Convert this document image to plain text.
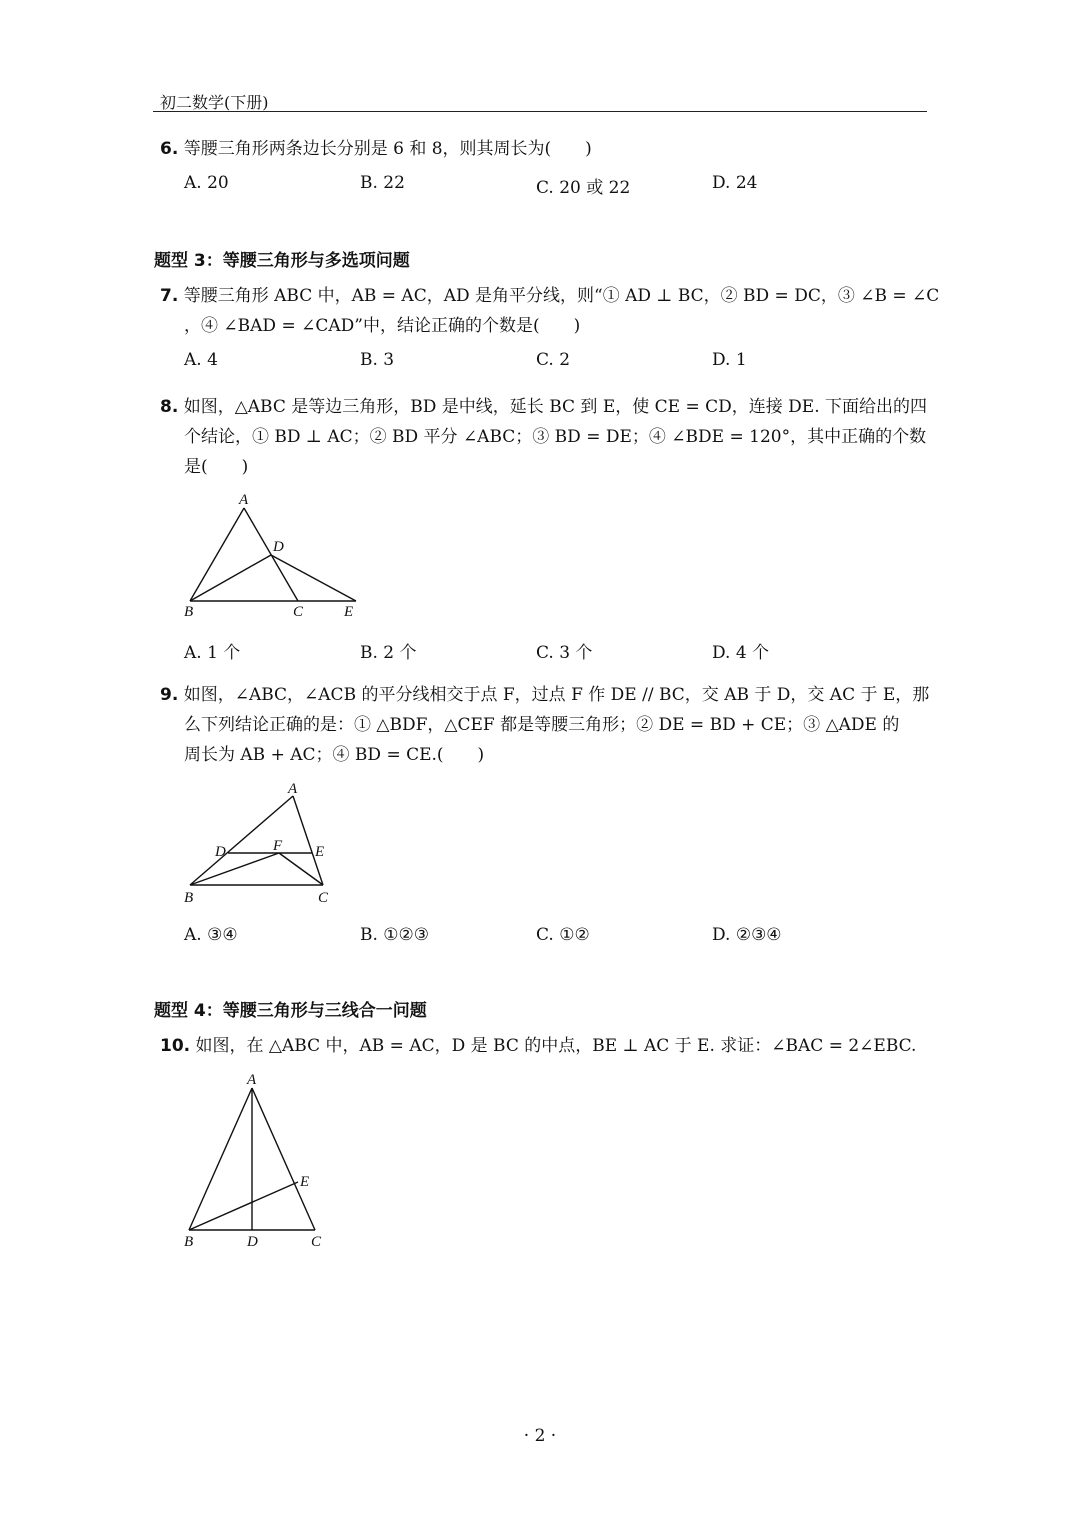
初二数学(下册)
6. 等腰三角形两条边长分别是 6 和 8，则其周长为(　　)
A. 20	B. 22	C. 20 或 22	D. 24
题型 3：等腰三角形与多选项问题
7. 等腰三角形 ABC 中，AB = AC，AD 是角平分线，则“① AD ⊥ BC，② BD = DC，③ ∠B = ∠C
，④ ∠BAD = ∠CAD”中，结论正确的个数是(　　)
A. 4	B. 3	C. 2	D. 1
8. 如图，△ABC 是等边三角形，BD 是中线，延长 BC 到 E，使 CE = CD，连接 DE. 下面给出的四
个结论，① BD ⊥ AC；② BD 平分 ∠ABC；③ BD = DE；④ ∠BDE = 120°，其中正确的个数
是(　　)
A
D
B	C	E
A. 1 个	B. 2 个	C. 3 个	D. 4 个
9. 如图，∠ABC，∠ACB 的平分线相交于点 F，过点 F 作 DE // BC，交 AB 于 D，交 AC 于 E，那
么下列结论正确的是：① △BDF，△CEF 都是等腰三角形；② DE = BD + CE；③ △ADE 的
周长为 AB + AC；④ BD = CE.(　　)
A
D	F E
B	C
A. ③④	B. ①②③	C. ①②	D. ②③④
题型 4：等腰三角形与三线合一问题
10. 如图，在 △ABC 中，AB = AC，D 是 BC 的中点，BE ⊥ AC 于 E. 求证：∠BAC = 2∠EBC.
A
E
B	D	C
· 2 ·
